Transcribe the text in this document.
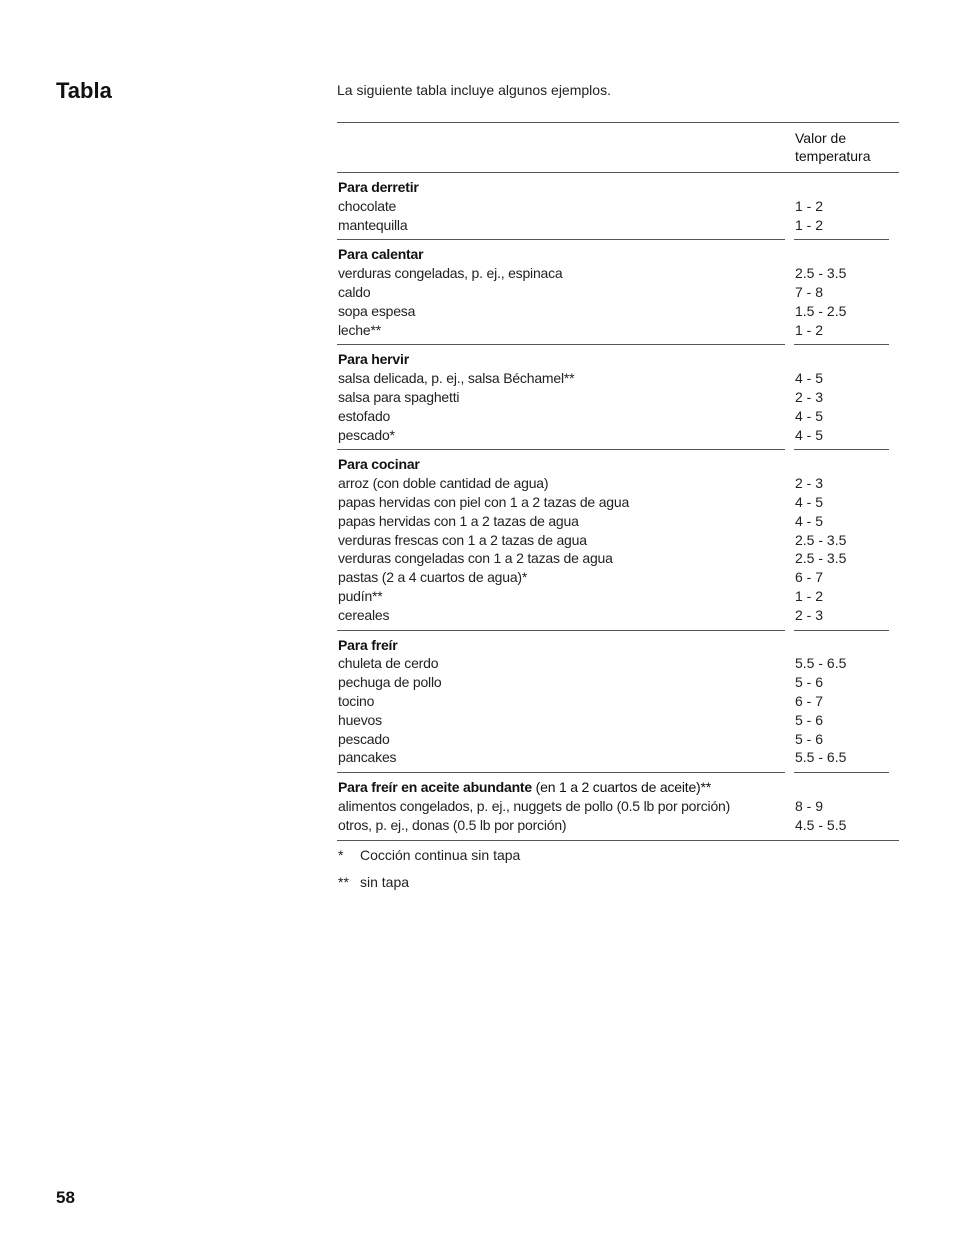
Tabla	La siguiente tabla incluye algunos ejemplos.

Valor de
temperatura
Para derretir
chocolate	1 - 2
mantequilla	1 - 2
Para calentar
verduras congeladas, p. ej., espinaca	2.5 - 3.5
caldo	7 - 8
sopa espesa	1.5 - 2.5
leche**	1 - 2
Para hervir
salsa delicada, p. ej., salsa Béchamel**	4 - 5
salsa para spaghetti	2 - 3
estofado	4 - 5
pescado*	4 - 5
Para cocinar
arroz (con doble cantidad de agua)	2 - 3
papas hervidas con piel con 1 a 2 tazas de agua	4 - 5
papas hervidas con 1 a 2 tazas de agua	4 - 5
verduras frescas con 1 a 2 tazas de agua	2.5 - 3.5
verduras congeladas con 1 a 2 tazas de agua	2.5 - 3.5
pastas (2 a 4 cuartos de agua)*	6 - 7
pudín**	1 - 2
cereales	2 - 3
Para freír
chuleta de cerdo	5.5 - 6.5
pechuga de pollo	5 - 6
tocino	6 - 7
huevos	5 - 6
pescado	5 - 6
pancakes	5.5 - 6.5
Para freír en aceite abundante (en 1 a 2 cuartos de aceite)**
alimentos congelados, p. ej., nuggets de pollo (0.5 lb por porción)	8 - 9
otros, p. ej., donas (0.5 lb por porción)	4.5 - 5.5
* Cocción continua sin tapa
** sin tapa
58
